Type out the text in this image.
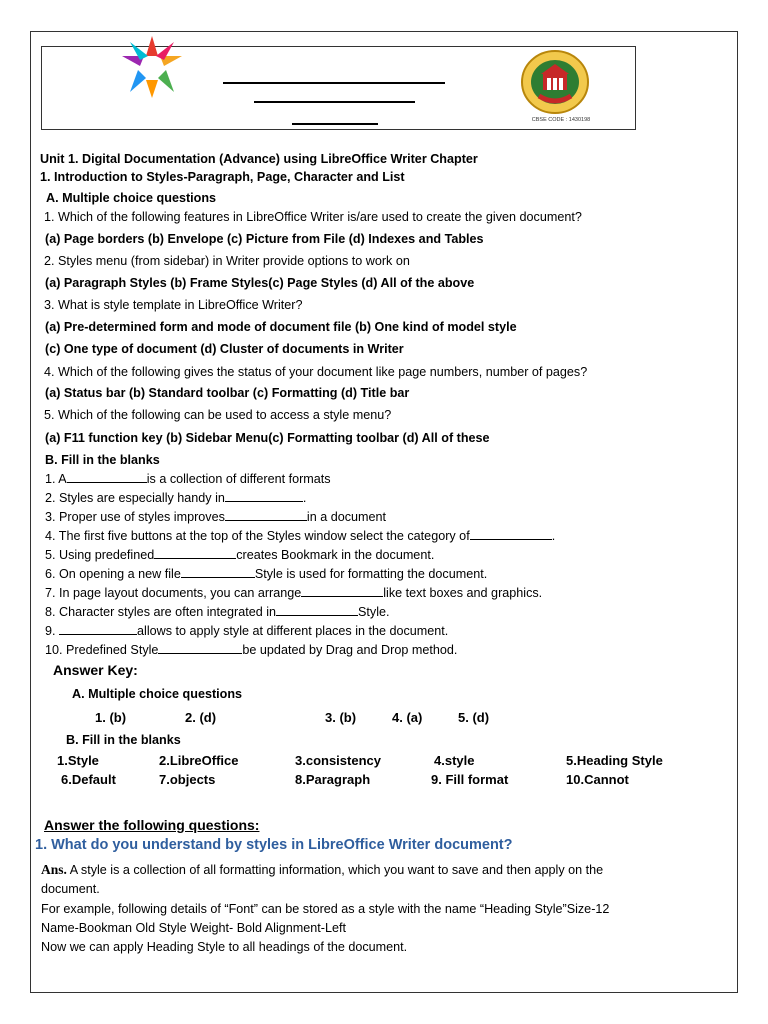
CBSE CODE : 1430198
Unit 1. Digital Documentation (Advance) using LibreOffice Writer Chapter
1. Introduction to Styles-Paragraph, Page, Character and List
A. Multiple choice questions
1. Which of the following features in LibreOffice Writer is/are used to create the given document?
(a) Page borders (b) Envelope (c) Picture from File (d) Indexes and Tables
2. Styles menu (from sidebar) in Writer provide options to work on
(a) Paragraph Styles (b) Frame Styles(c) Page Styles (d) All of the above
3. What is style template in LibreOffice Writer?
(a) Pre-determined form and mode of document file (b) One kind of model style
(c) One type of document (d) Cluster of documents in Writer
4. Which of the following gives the status of your document like page numbers, number of pages?
(a) Status bar (b) Standard toolbar (c) Formatting (d) Title bar
5. Which of the following can be used to access a style menu?
(a) F11 function key (b) Sidebar Menu(c) Formatting toolbar (d) All of these
B. Fill in the blanks
1. A	is a collection of different formats
2. Styles are especially handy in	.
3. Proper use of styles improves	in a document
4. The first five buttons at the top of the Styles window select the category of	.
5. Using predefined	creates Bookmark in the document.
6. On opening a new file	Style is used for formatting the document.
7. In page layout documents, you can arrange	like text boxes and graphics.
8. Character styles are often integrated in	Style.
9.	allows to apply style at different places in the document.
10. Predefined Style	be updated by Drag and Drop method.
Answer Key:
A. Multiple choice questions
1. (b)	2. (d)	3. (b)	4. (a)	5. (d)
B. Fill in the blanks
1.Style	2.LibreOffice	3.consistency	4.style	5.Heading Style
6.Default	7.objects	8.Paragraph	9. Fill format	10.Cannot
Answer the following questions:
1. What do you understand by styles in LibreOffice Writer document?
Ans. A style is a collection of all formatting information, which you want to save and then apply on the
document.
For example, following details of “Font” can be stored as a style with the name “Heading Style”Size-12
Name-Bookman Old Style Weight- Bold Alignment-Left
Now we can apply Heading Style to all headings of the document.
